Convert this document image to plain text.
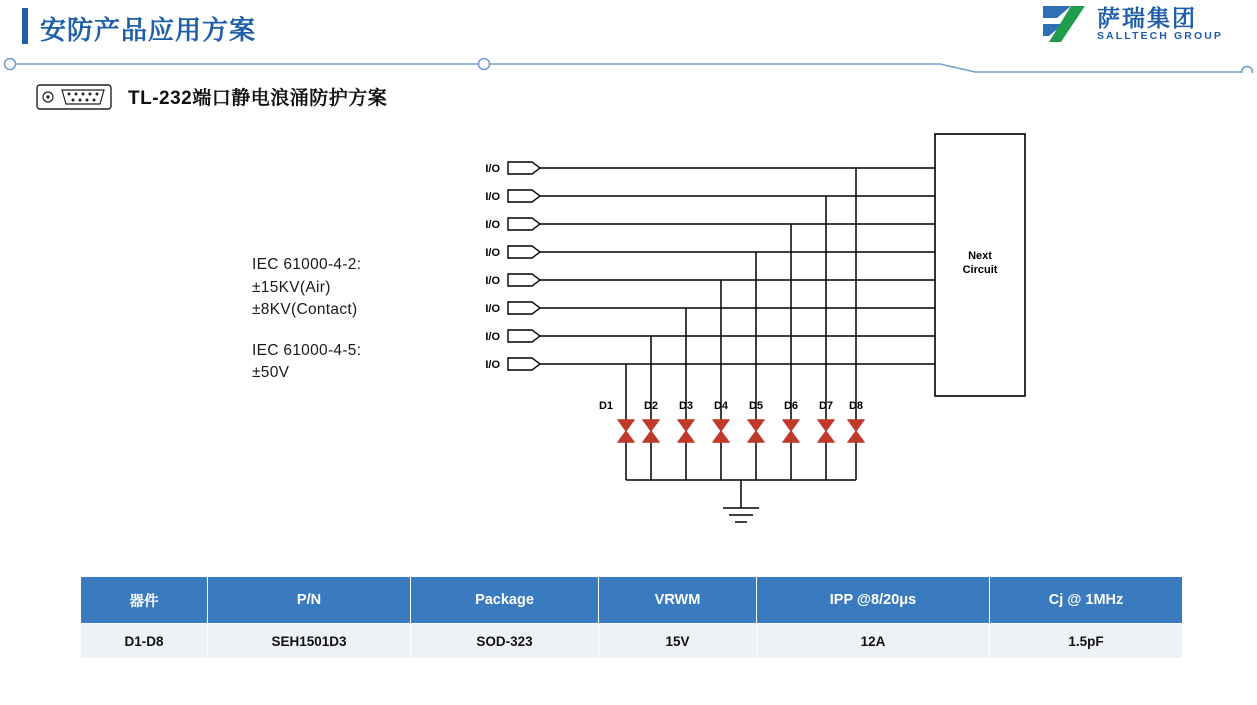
安防产品应用方案	萨瑞集团
SALLTECH GROUP
TL-232端口静电浪涌防护方案
IEC 61000-4-2:
±15KV(Air)
±8KV(Contact)
IEC 61000-4-5:
±50V
I/O
I/O
I/O
I/O
I/O
I/O
I/O
I/O
D1	D2 D3 D4 D5 D6 D7 D8
Next
Circuit
器件	P/N	Package	VRWM	IPP @8/20μs	Cj @ 1MHz
D1-D8	SEH1501D3	SOD-323	15V	12A	1.5pF
